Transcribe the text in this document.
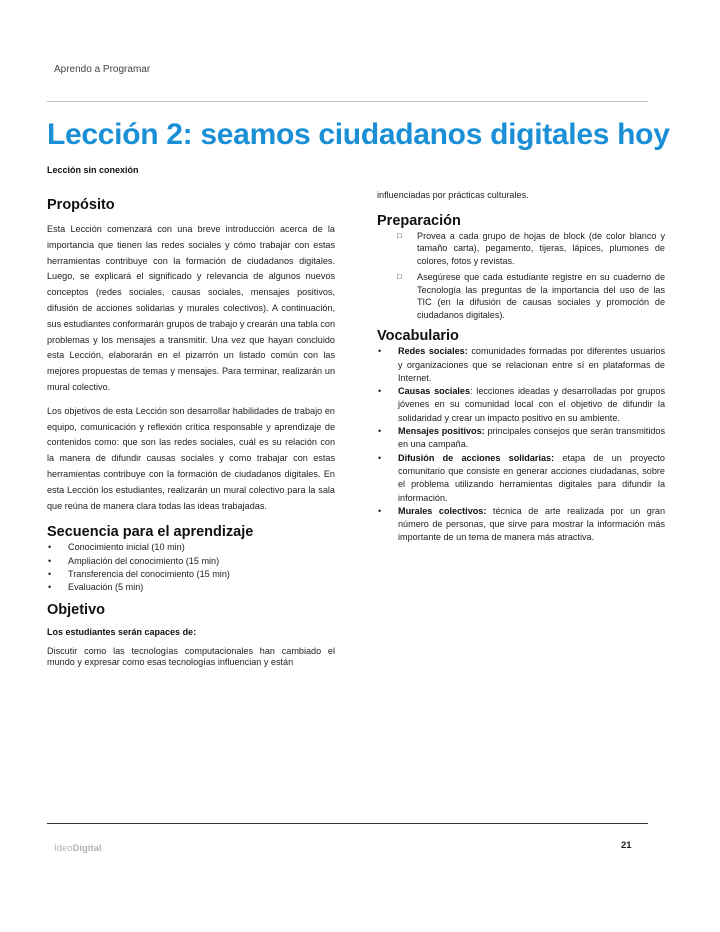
Aprendo a Programar
Lección 2: seamos ciudadanos digitales hoy
Lección sin conexión
Propósito

Esta Lección comenzará con una breve introducción acerca de la importancia que tienen las redes sociales y cómo trabajar con estas herramientas contribuye con la formación de ciudadanos digitales. Luego, se explicará el significado y relevancia de algunos nuevos conceptos (redes sociales, causas sociales, mensajes positivos, difusión de acciones solidarias y murales colectivos). A continuación, sus estudiantes conformarán grupos de trabajo y crearán una tabla con problemas y los mensajes a transmitir. Una vez que hayan concluido esta Lección, elaborarán en el pizarrón un listado común con las mejores propuestas de temas y mensajes. Para terminar, realizarán un mural colectivo.

Los objetivos de esta Lección son desarrollar habilidades de trabajo en equipo, comunicación y reflexión crítica responsable y aprendizaje de contenidos como: que son las redes sociales, cuál es su relación con la manera de difundir causas sociales y como trabajar con estas herramientas contribuye con la formación de ciudadanos digitales. En esta Lección los estudiantes, realizarán un mural colectivo para la sala que reúna de manera clara todas las ideas trabajadas.

Secuencia para el aprendizaje
• Conocimiento inicial (10 min)
• Ampliación del conocimiento (15 min)
• Transferencia del conocimiento (15 min)
• Evaluación (5 min)
Objetivo

Los estudiantes serán capaces de:

Discutir como las tecnologías computacionales han cambiado el mundo y expresar como esas tecnologías influencian y están

influenciadas por prácticas culturales.

Preparación
□ Provea a cada grupo de hojas de block (de color blanco y tamaño carta), pegamento, tijeras, lápices, plumones de colores, fotos y revistas.
□ Asegúrese que cada estudiante registre en su cuaderno de Tecnología las preguntas de la importancia del uso de las TIC (en la difusión de causas sociales y promoción de ciudadanos digitales).
Vocabulario
• Redes sociales: comunidades formadas por diferentes usuarios y organizaciones que se relacionan entre sí en plataformas de Internet.
• Causas sociales: lecciones ideadas y desarrolladas por grupos jóvenes en su comunidad local con el objetivo de difundir la solidaridad y crear un impacto positivo en su ambiente.
• Mensajes positivos: principales consejos que serán transmitidos en una campaña.
• Difusión de acciones solidarias: etapa de un proyecto comunitario que consiste en generar acciones ciudadanas, sobre el problema utilizando herramientas digitales para difundir la información.
• Murales colectivos: técnica de arte realizada por un gran número de personas, que sirve para mostrar la información más importante de un tema de manera más atractiva.
IdeoDigital	21
